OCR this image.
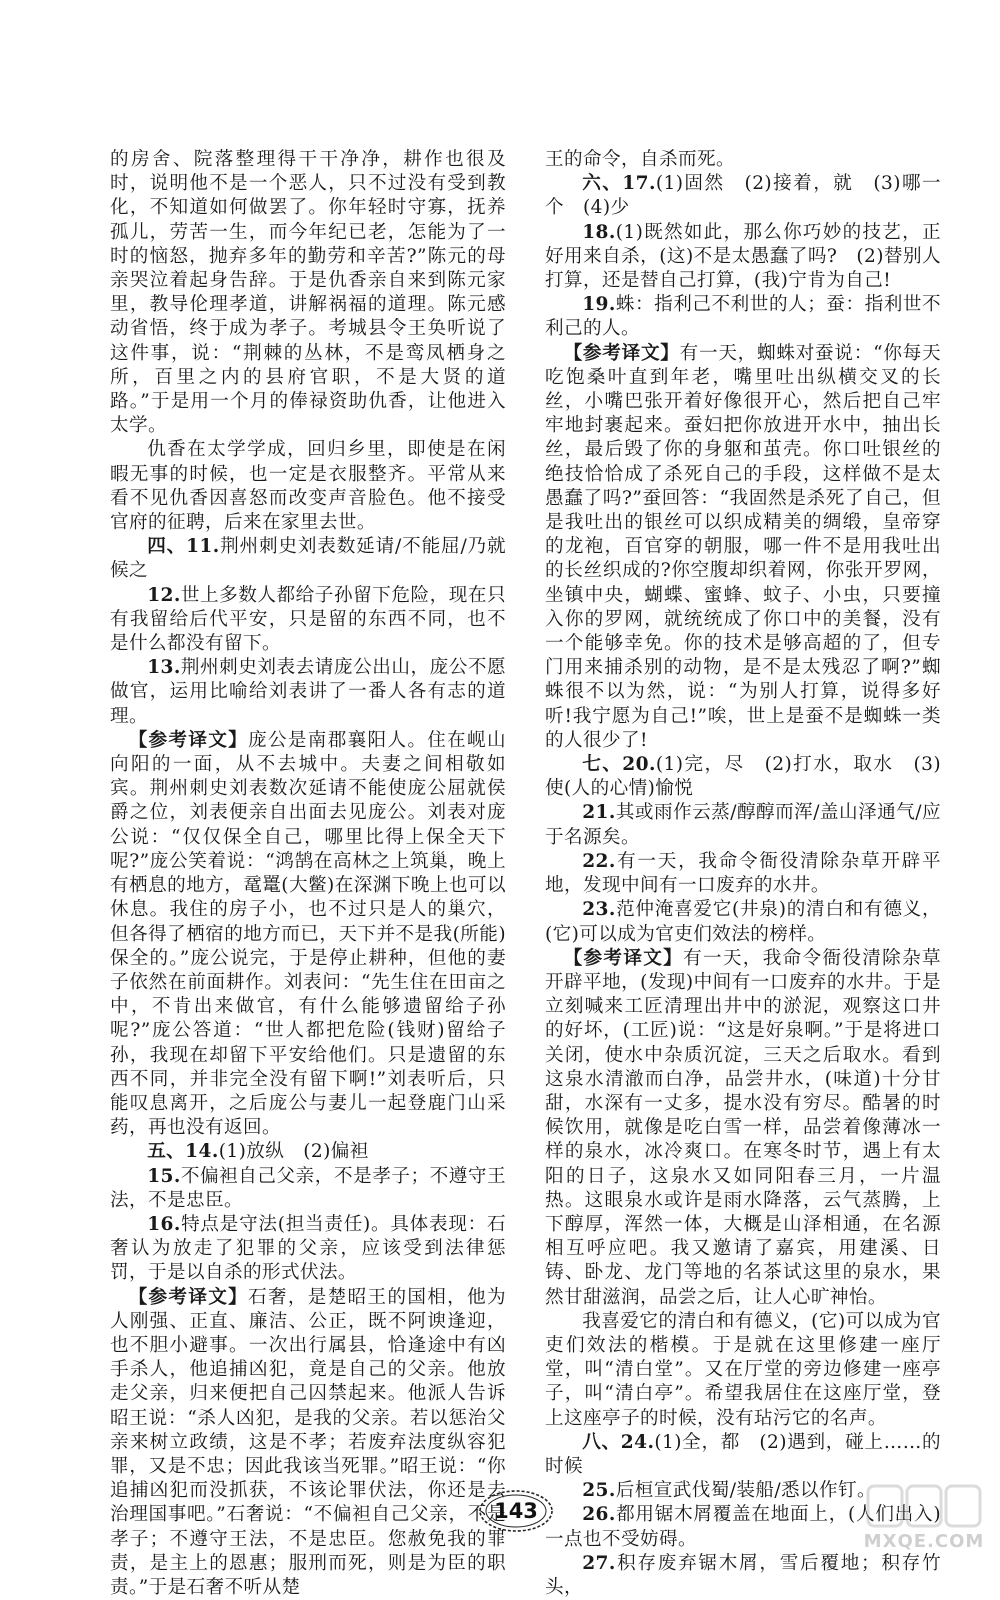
的房舍、院落整理得干干净净，耕作也很及时，说明他不是一个恶人，只不过没有受到教化，不知道如何做罢了。你年轻时守寡，抚养孤儿，劳苦一生，而今年纪已老，怎能为了一时的恼怒，抛弃多年的勤劳和辛苦?”陈元的母亲哭泣着起身告辞。于是仇香亲自来到陈元家里，教导伦理孝道，讲解祸福的道理。陈元感动省悟，终于成为孝子。考城县令王奂听说了这件事，说：“荆棘的丛林，不是鸾凤栖身之所，百里之内的县府官职，不是大贤的道路。”于是用一个月的俸禄资助仇香，让他进入太学。

仇香在太学学成，回归乡里，即使是在闲暇无事的时候，也一定是衣服整齐。平常从来看不见仇香因喜怒而改变声音脸色。他不接受官府的征聘，后来在家里去世。

四、11.荆州刺史刘表数延请/不能屈/乃就候之

12.世上多数人都给子孙留下危险，现在只有我留给后代平安，只是留的东西不同，也不是什么都没有留下。

13.荆州刺史刘表去请庞公出山，庞公不愿做官，运用比喻给刘表讲了一番人各有志的道理。

【参考译文】庞公是南郡襄阳人。住在岘山向阳的一面，从不去城中。夫妻之间相敬如宾。荆州刺史刘表数次延请不能使庞公屈就侯爵之位，刘表便亲自出面去见庞公。刘表对庞公说：“仅仅保全自己，哪里比得上保全天下呢?”庞公笑着说：“鸿鹄在高林之上筑巢，晚上有栖息的地方，鼋鼍(大鳖)在深渊下晚上也可以休息。我住的房子小，也不过只是人的巢穴，但各得了栖宿的地方而已，天下并不是我(所能)保全的。”庞公说完，于是停止耕种，但他的妻子依然在前面耕作。刘表问：“先生住在田亩之中，不肯出来做官，有什么能够遗留给子孙呢?”庞公答道：“世人都把危险(钱财)留给子孙，我现在却留下平安给他们。只是遗留的东西不同，并非完全没有留下啊!”刘表听后，只能叹息离开，之后庞公与妻儿一起登鹿门山采药，再也没有返回。

五、14.(1)放纵　(2)偏袒

15.不偏袒自己父亲，不是孝子；不遵守王法，不是忠臣。

16.特点是守法(担当责任)。具体表现：石奢认为放走了犯罪的父亲，应该受到法律惩罚，于是以自杀的形式伏法。

【参考译文】石奢，是楚昭王的国相，他为人刚强、正直、廉洁、公正，既不阿谀逢迎，也不胆小避事。一次出行属县，恰逢途中有凶手杀人，他追捕凶犯，竟是自己的父亲。他放走父亲，归来便把自己囚禁起来。他派人告诉昭王说：“杀人凶犯，是我的父亲。若以惩治父亲来树立政绩，这是不孝；若废弃法度纵容犯罪，又是不忠；因此我该当死罪。”昭王说：“你追捕凶犯而没抓获，不该论罪伏法，你还是去治理国事吧。”石奢说：“不偏袒自己父亲，不是孝子；不遵守王法，不是忠臣。您赦免我的罪责，是主上的恩惠；服刑而死，则是为臣的职责。”于是石奢不听从楚

王的命令，自杀而死。

六、17.(1)固然　(2)接着，就　(3)哪一个　(4)少

18.(1)既然如此，那么你巧妙的技艺，正好用来自杀，(这)不是太愚蠢了吗?　(2)替别人打算，还是替自己打算，(我)宁肯为自己!

19.蛛：指利己不利世的人；蚕：指利世不利己的人。

【参考译文】有一天，蜘蛛对蚕说：“你每天吃饱桑叶直到年老，嘴里吐出纵横交叉的长丝，小嘴巴张开着好像很开心，然后把自己牢牢地封裹起来。蚕妇把你放进开水中，抽出长丝，最后毁了你的身躯和茧壳。你口吐银丝的绝技恰恰成了杀死自己的手段，这样做不是太愚蠢了吗?”蚕回答：“我固然是杀死了自己，但是我吐出的银丝可以织成精美的绸缎，皇帝穿的龙袍，百官穿的朝服，哪一件不是用我吐出的长丝织成的?你空腹却织着网，你张开罗网，坐镇中央，蝴蝶、蜜蜂、蚊子、小虫，只要撞入你的罗网，就统统成了你口中的美餐，没有一个能够幸免。你的技术是够高超的了，但专门用来捕杀别的动物，是不是太残忍了啊?”蜘蛛很不以为然，说：“为别人打算，说得多好听!我宁愿为自己!”唉，世上是蚕不是蜘蛛一类的人很少了!

七、20.(1)完，尽　(2)打水，取水　(3)使(人的心情)愉悦

21.其或雨作云蒸/醇醇而浑/盖山泽通气/应于名源矣。

22.有一天，我命令衙役清除杂草开辟平地，发现中间有一口废弃的水井。

23.范仲淹喜爱它(井泉)的清白和有德义，(它)可以成为官吏们效法的榜样。

【参考译文】有一天，我命令衙役清除杂草开辟平地，(发现)中间有一口废弃的水井。于是立刻喊来工匠清理出井中的淤泥，观察这口井的好坏，(工匠)说：“这是好泉啊。”于是将进口关闭，使水中杂质沉淀，三天之后取水。看到这泉水清澈而白净，品尝井水，(味道)十分甘甜，水深有一丈多，提水没有穷尽。酷暑的时候饮用，就像是吃白雪一样，品尝着像薄冰一样的泉水，冰冷爽口。在寒冬时节，遇上有太阳的日子，这泉水又如同阳春三月，一片温热。这眼泉水或许是雨水降落，云气蒸腾，上下醇厚，浑然一体，大概是山泽相通，在名源相互呼应吧。我又邀请了嘉宾，用建溪、日铸、卧龙、龙门等地的名茶试这里的泉水，果然甘甜滋润，品尝之后，让人心旷神怡。

我喜爱它的清白和有德义，(它)可以成为官吏们效法的楷模。于是就在这里修建一座厅堂，叫“清白堂”。又在厅堂的旁边修建一座亭子，叫“清白亭”。希望我居住在这座厅堂，登上这座亭子的时候，没有玷污它的名声。

八、24.(1)全，都　(2)遇到，碰上……的时候

25.后桓宣武伐蜀/装船/悉以作钉。

26.都用锯木屑覆盖在地面上，(人们出入)一点也不受妨碍。

27.积存废弃锯木屑，雪后覆地；积存竹头，

143
MXQE.COM
